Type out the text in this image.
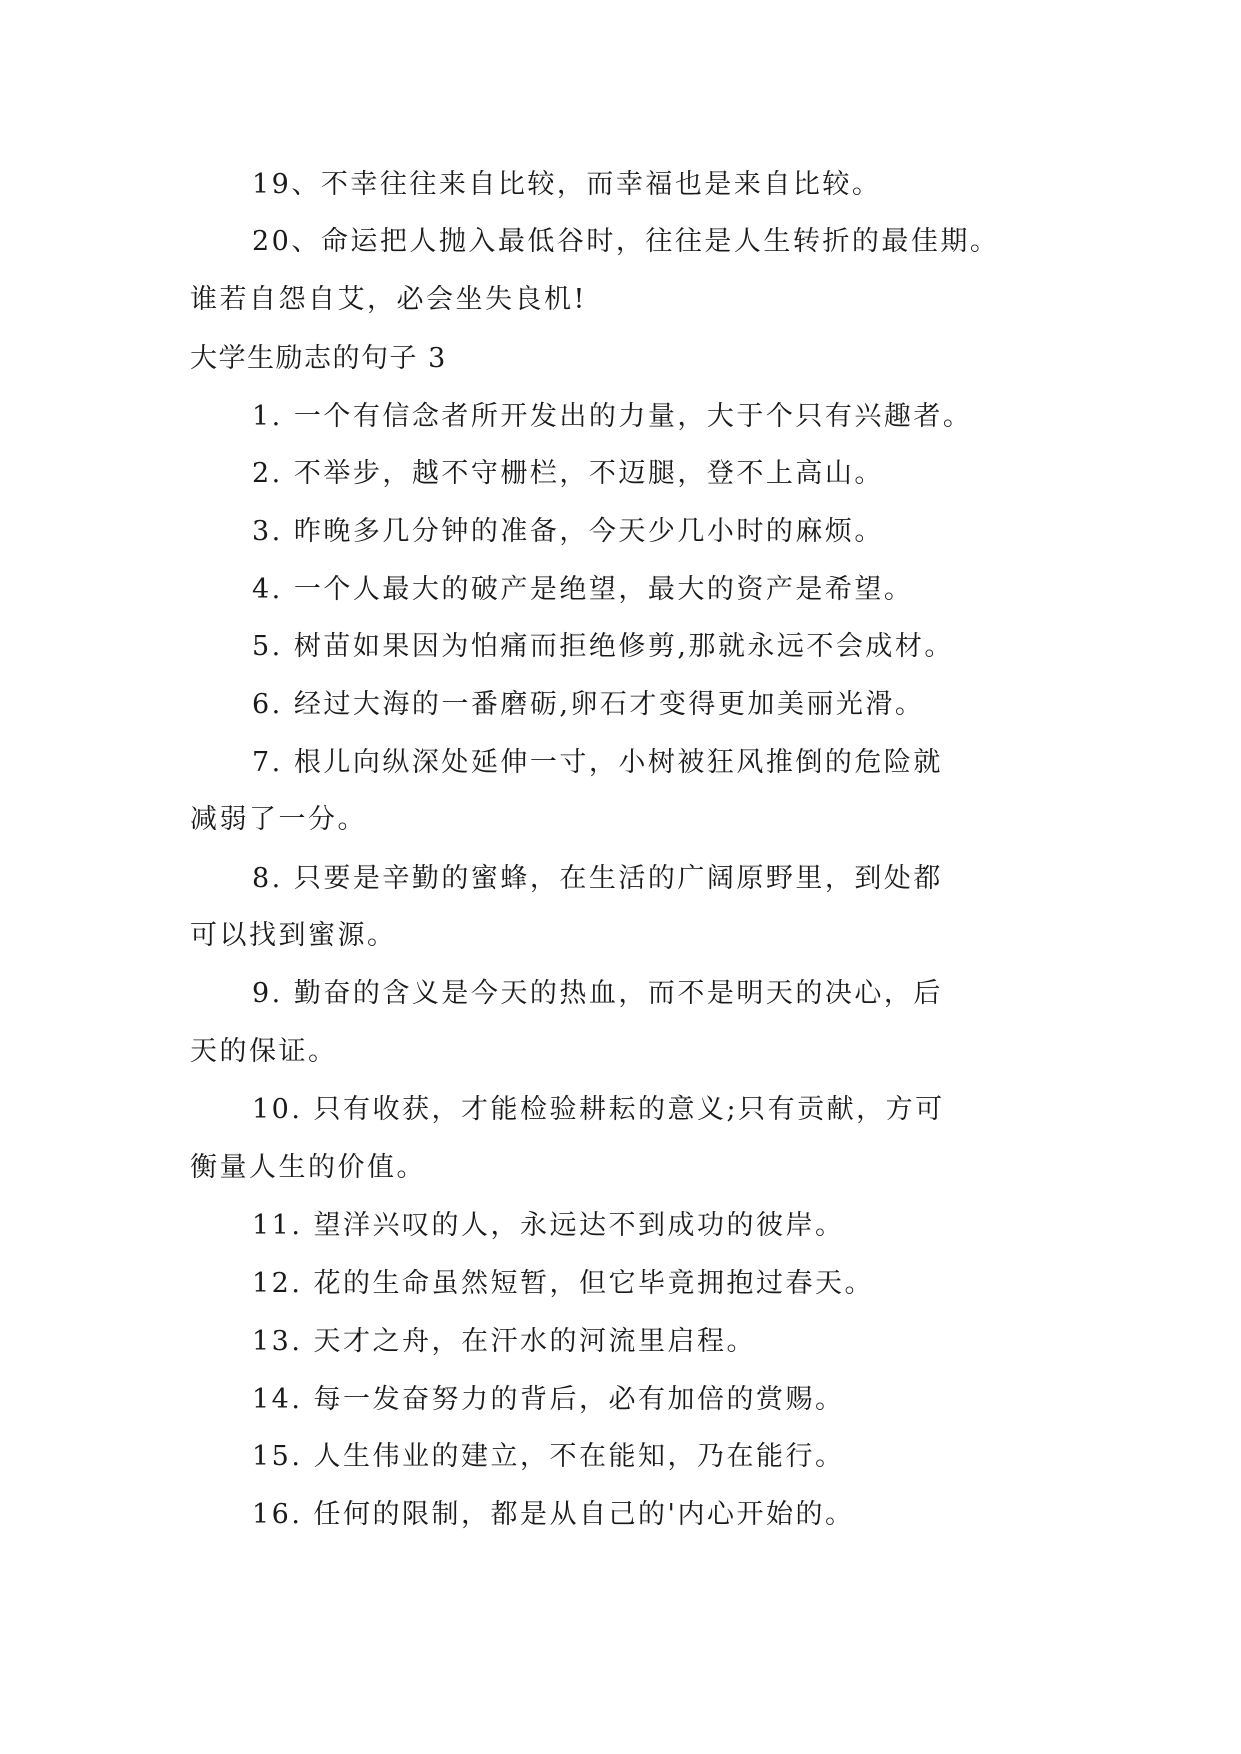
19、不幸往往来自比较，而幸福也是来自比较。
20、命运把人抛入最低谷时，往往是人生转折的最佳期。
谁若自怨自艾，必会坐失良机!
大学生励志的句子 3
1. 一个有信念者所开发出的力量，大于个只有兴趣者。
2. 不举步，越不守栅栏，不迈腿，登不上高山。
3. 昨晚多几分钟的准备，今天少几小时的麻烦。
4. 一个人最大的破产是绝望，最大的资产是希望。
5. 树苗如果因为怕痛而拒绝修剪,那就永远不会成材。
6. 经过大海的一番磨砺,卵石才变得更加美丽光滑。
7. 根儿向纵深处延伸一寸，小树被狂风推倒的危险就
减弱了一分。
8. 只要是辛勤的蜜蜂，在生活的广阔原野里，到处都
可以找到蜜源。
9. 勤奋的含义是今天的热血，而不是明天的决心，后
天的保证。
10. 只有收获，才能检验耕耘的意义;只有贡献，方可
衡量人生的价值。
11. 望洋兴叹的人，永远达不到成功的彼岸。
12. 花的生命虽然短暂，但它毕竟拥抱过春天。
13. 天才之舟，在汗水的河流里启程。
14. 每一发奋努力的背后，必有加倍的赏赐。
15. 人生伟业的建立，不在能知，乃在能行。
16. 任何的限制，都是从自己的'内心开始的。
